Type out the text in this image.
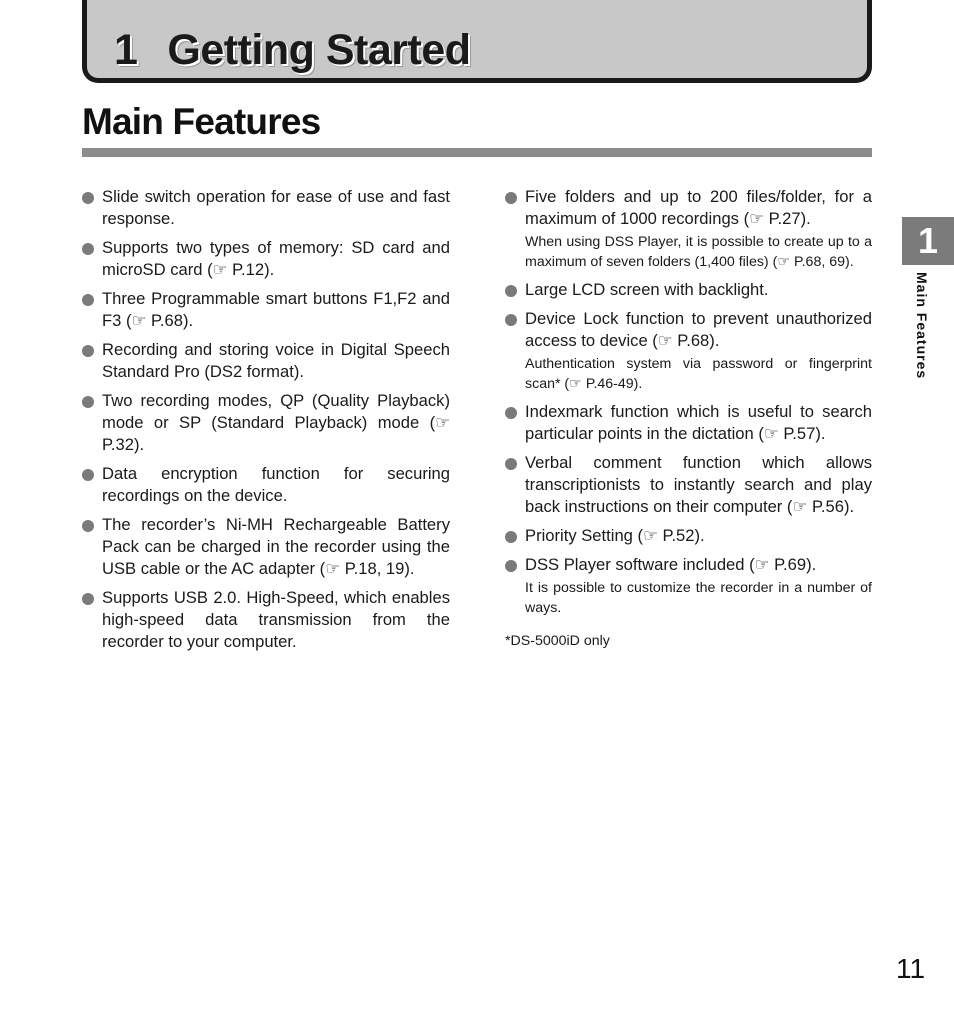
1 Getting Started
Main Features
Slide switch operation for ease of use and fast response.
Supports two types of memory: SD card and microSD card (☞ P.12).
Three Programmable smart buttons F1,F2 and F3 (☞ P.68).
Recording and storing voice in Digital Speech Standard Pro (DS2 format).
Two recording modes, QP (Quality Playback) mode or SP (Standard Playback) mode (☞ P.32).
Data encryption function for securing recordings on the device.
The recorder’s Ni-MH Rechargeable Battery Pack can be charged in the recorder using the USB cable or the AC adapter (☞ P.18, 19).
Supports USB 2.0. High-Speed, which enables high-speed data transmission from the recorder to your computer.
Five folders and up to 200 files/folder, for a maximum of 1000 recordings (☞ P.27).
When using DSS Player, it is possible to create up to a maximum of seven folders (1,400 files) (☞ P.68, 69).
Large LCD screen with backlight.
Device Lock function to prevent unauthorized access to device (☞ P.68).
Authentication system via password or fingerprint scan* (☞ P.46-49).
Indexmark function which is useful to search particular points in the dictation (☞ P.57).
Verbal comment function which allows transcriptionists to instantly search and play back instructions on their computer (☞ P.56).
Priority Setting (☞ P.52).
DSS Player software included (☞ P.69).
It is possible to customize the recorder in a number of ways.
*DS-5000iD only
1
Main Features
11
